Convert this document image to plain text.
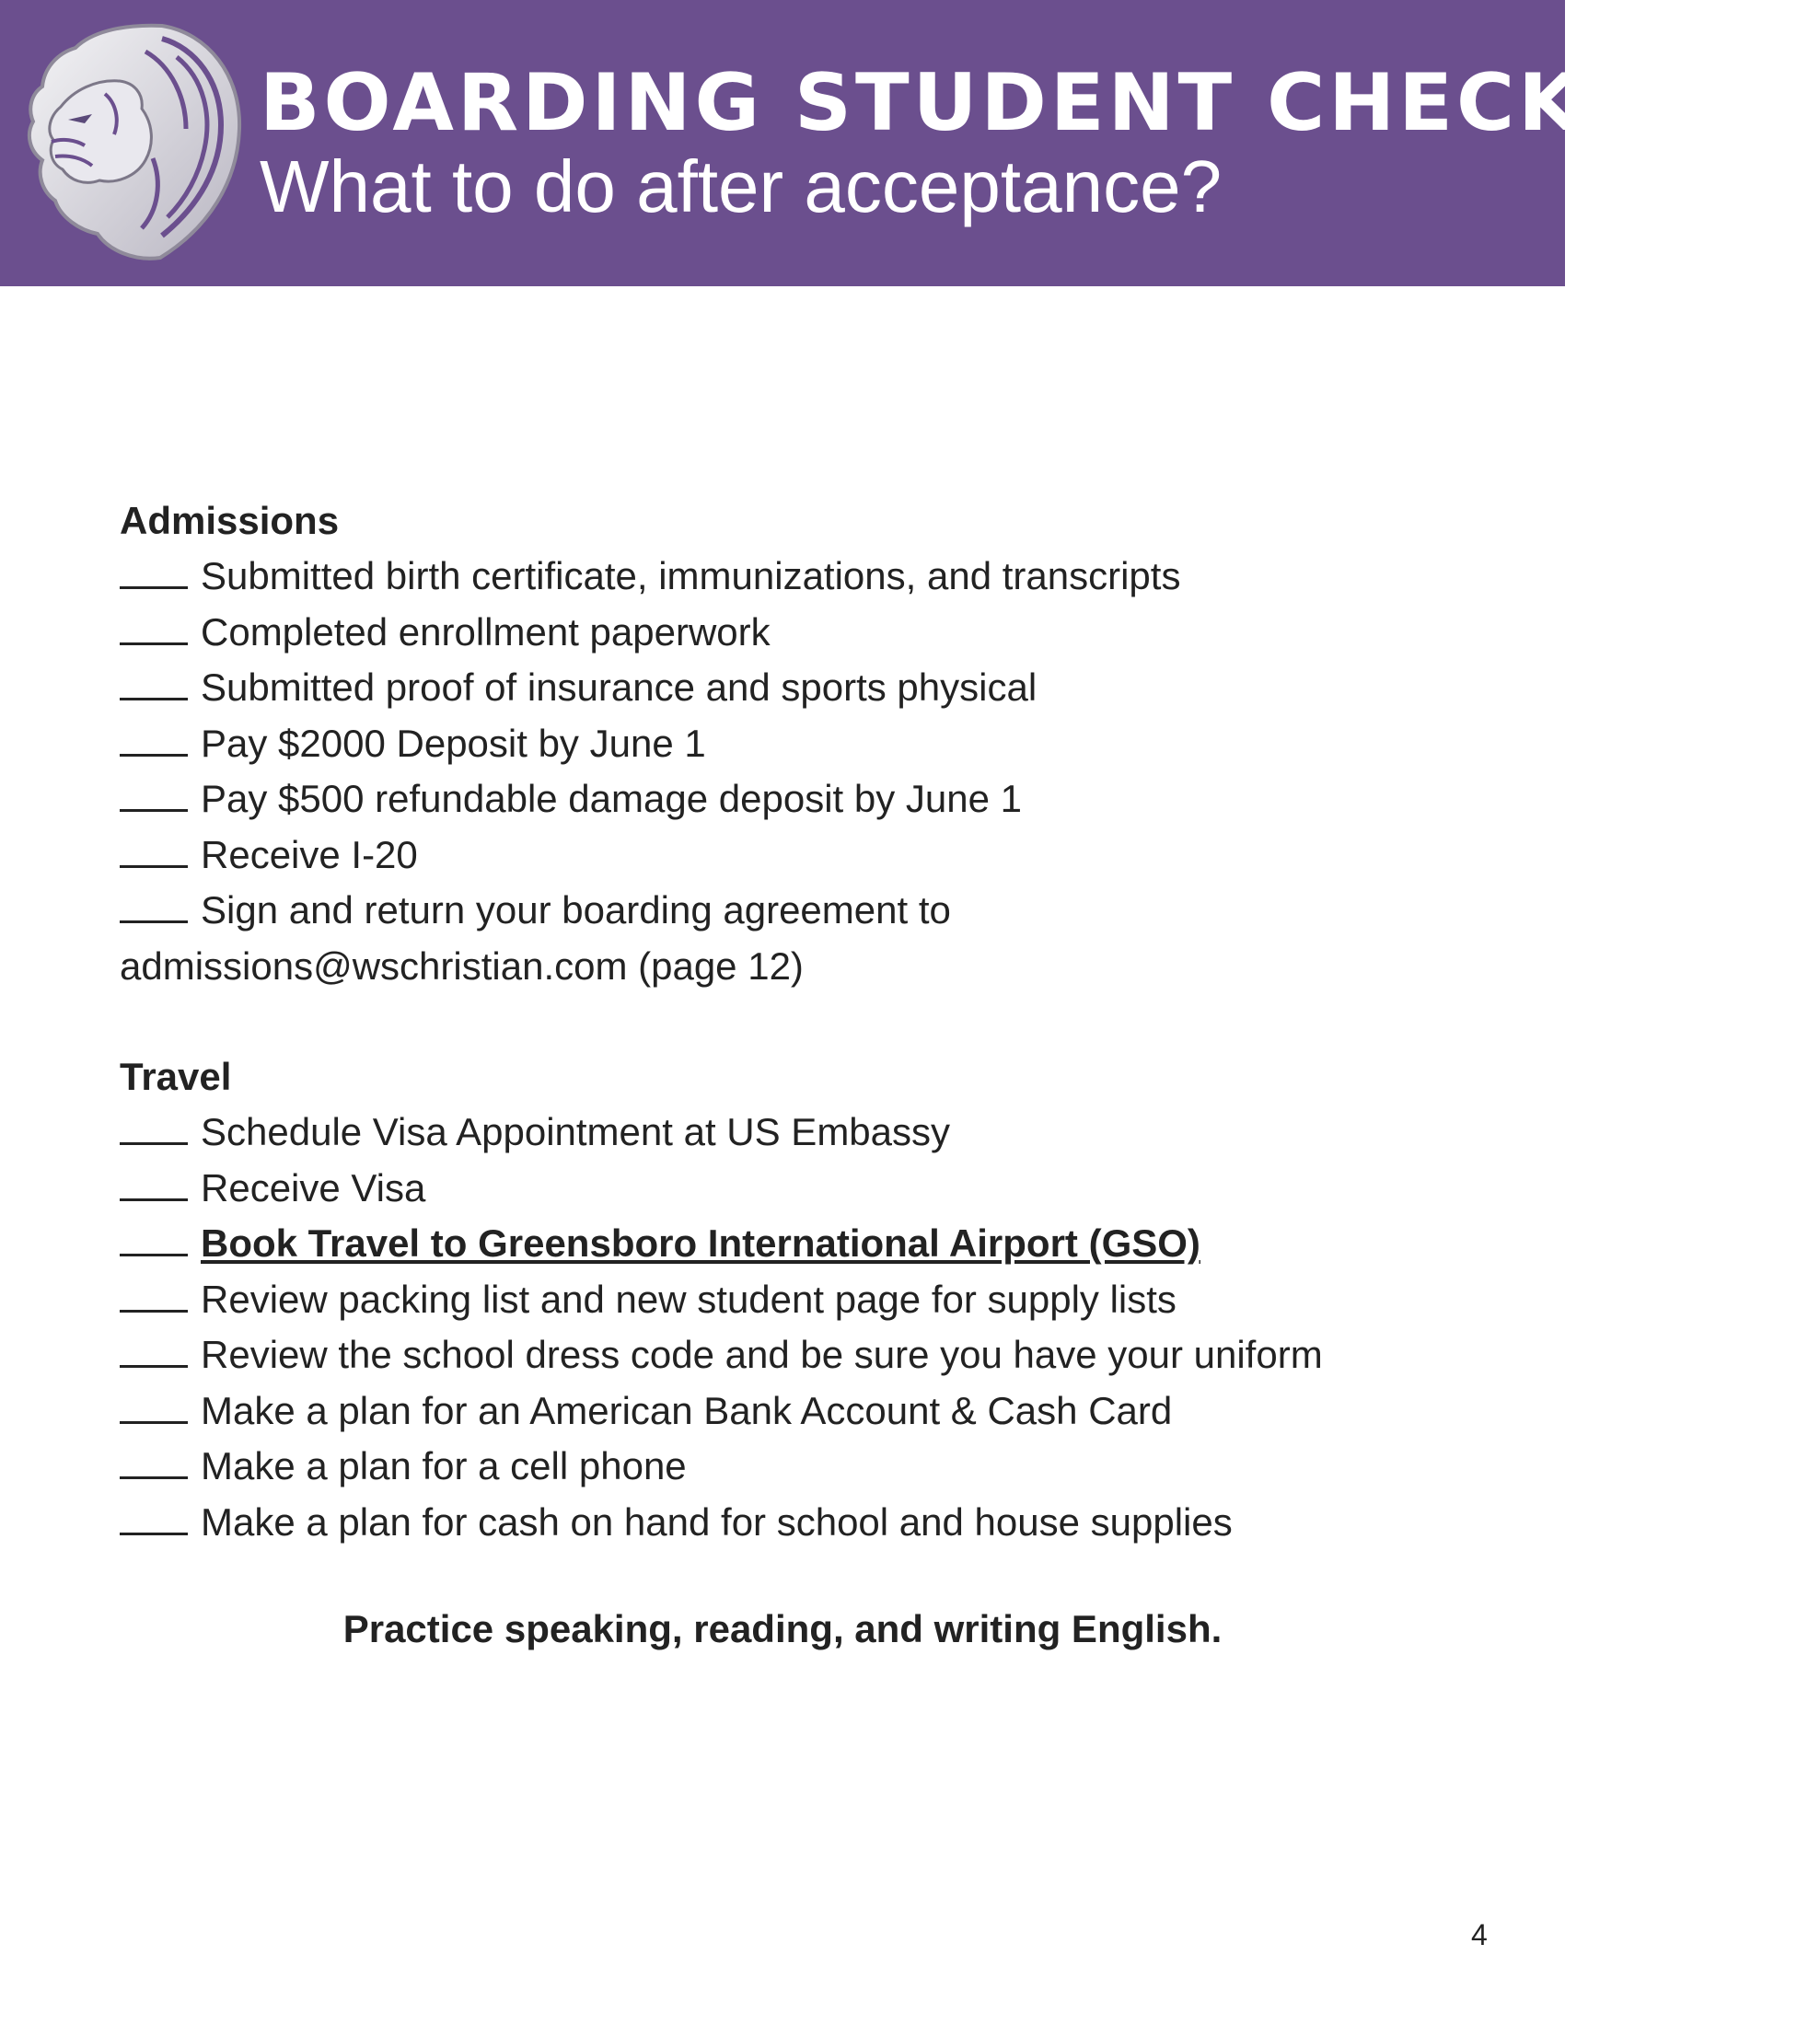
BOARDING STUDENT CHECKLIST:
What to do after acceptance?
Admissions

Submitted birth certificate, immunizations, and transcripts

Completed enrollment paperwork

Submitted proof of insurance and sports physical

Pay $2000 Deposit by June 1

Pay $500 refundable damage deposit by June 1

Receive I-20

Sign and return your boarding agreement to

admissions@wschristian.com (page 12)

Travel

Schedule Visa Appointment at US Embassy

Receive Visa

Book Travel to Greensboro International Airport (GSO)

Review packing list and new student page for supply lists

Review the school dress code and be sure you have your uniform

Make a plan for an American Bank Account & Cash Card

Make a plan for a cell phone

Make a plan for cash on hand for school and house supplies

Practice speaking, reading, and writing English.

4
